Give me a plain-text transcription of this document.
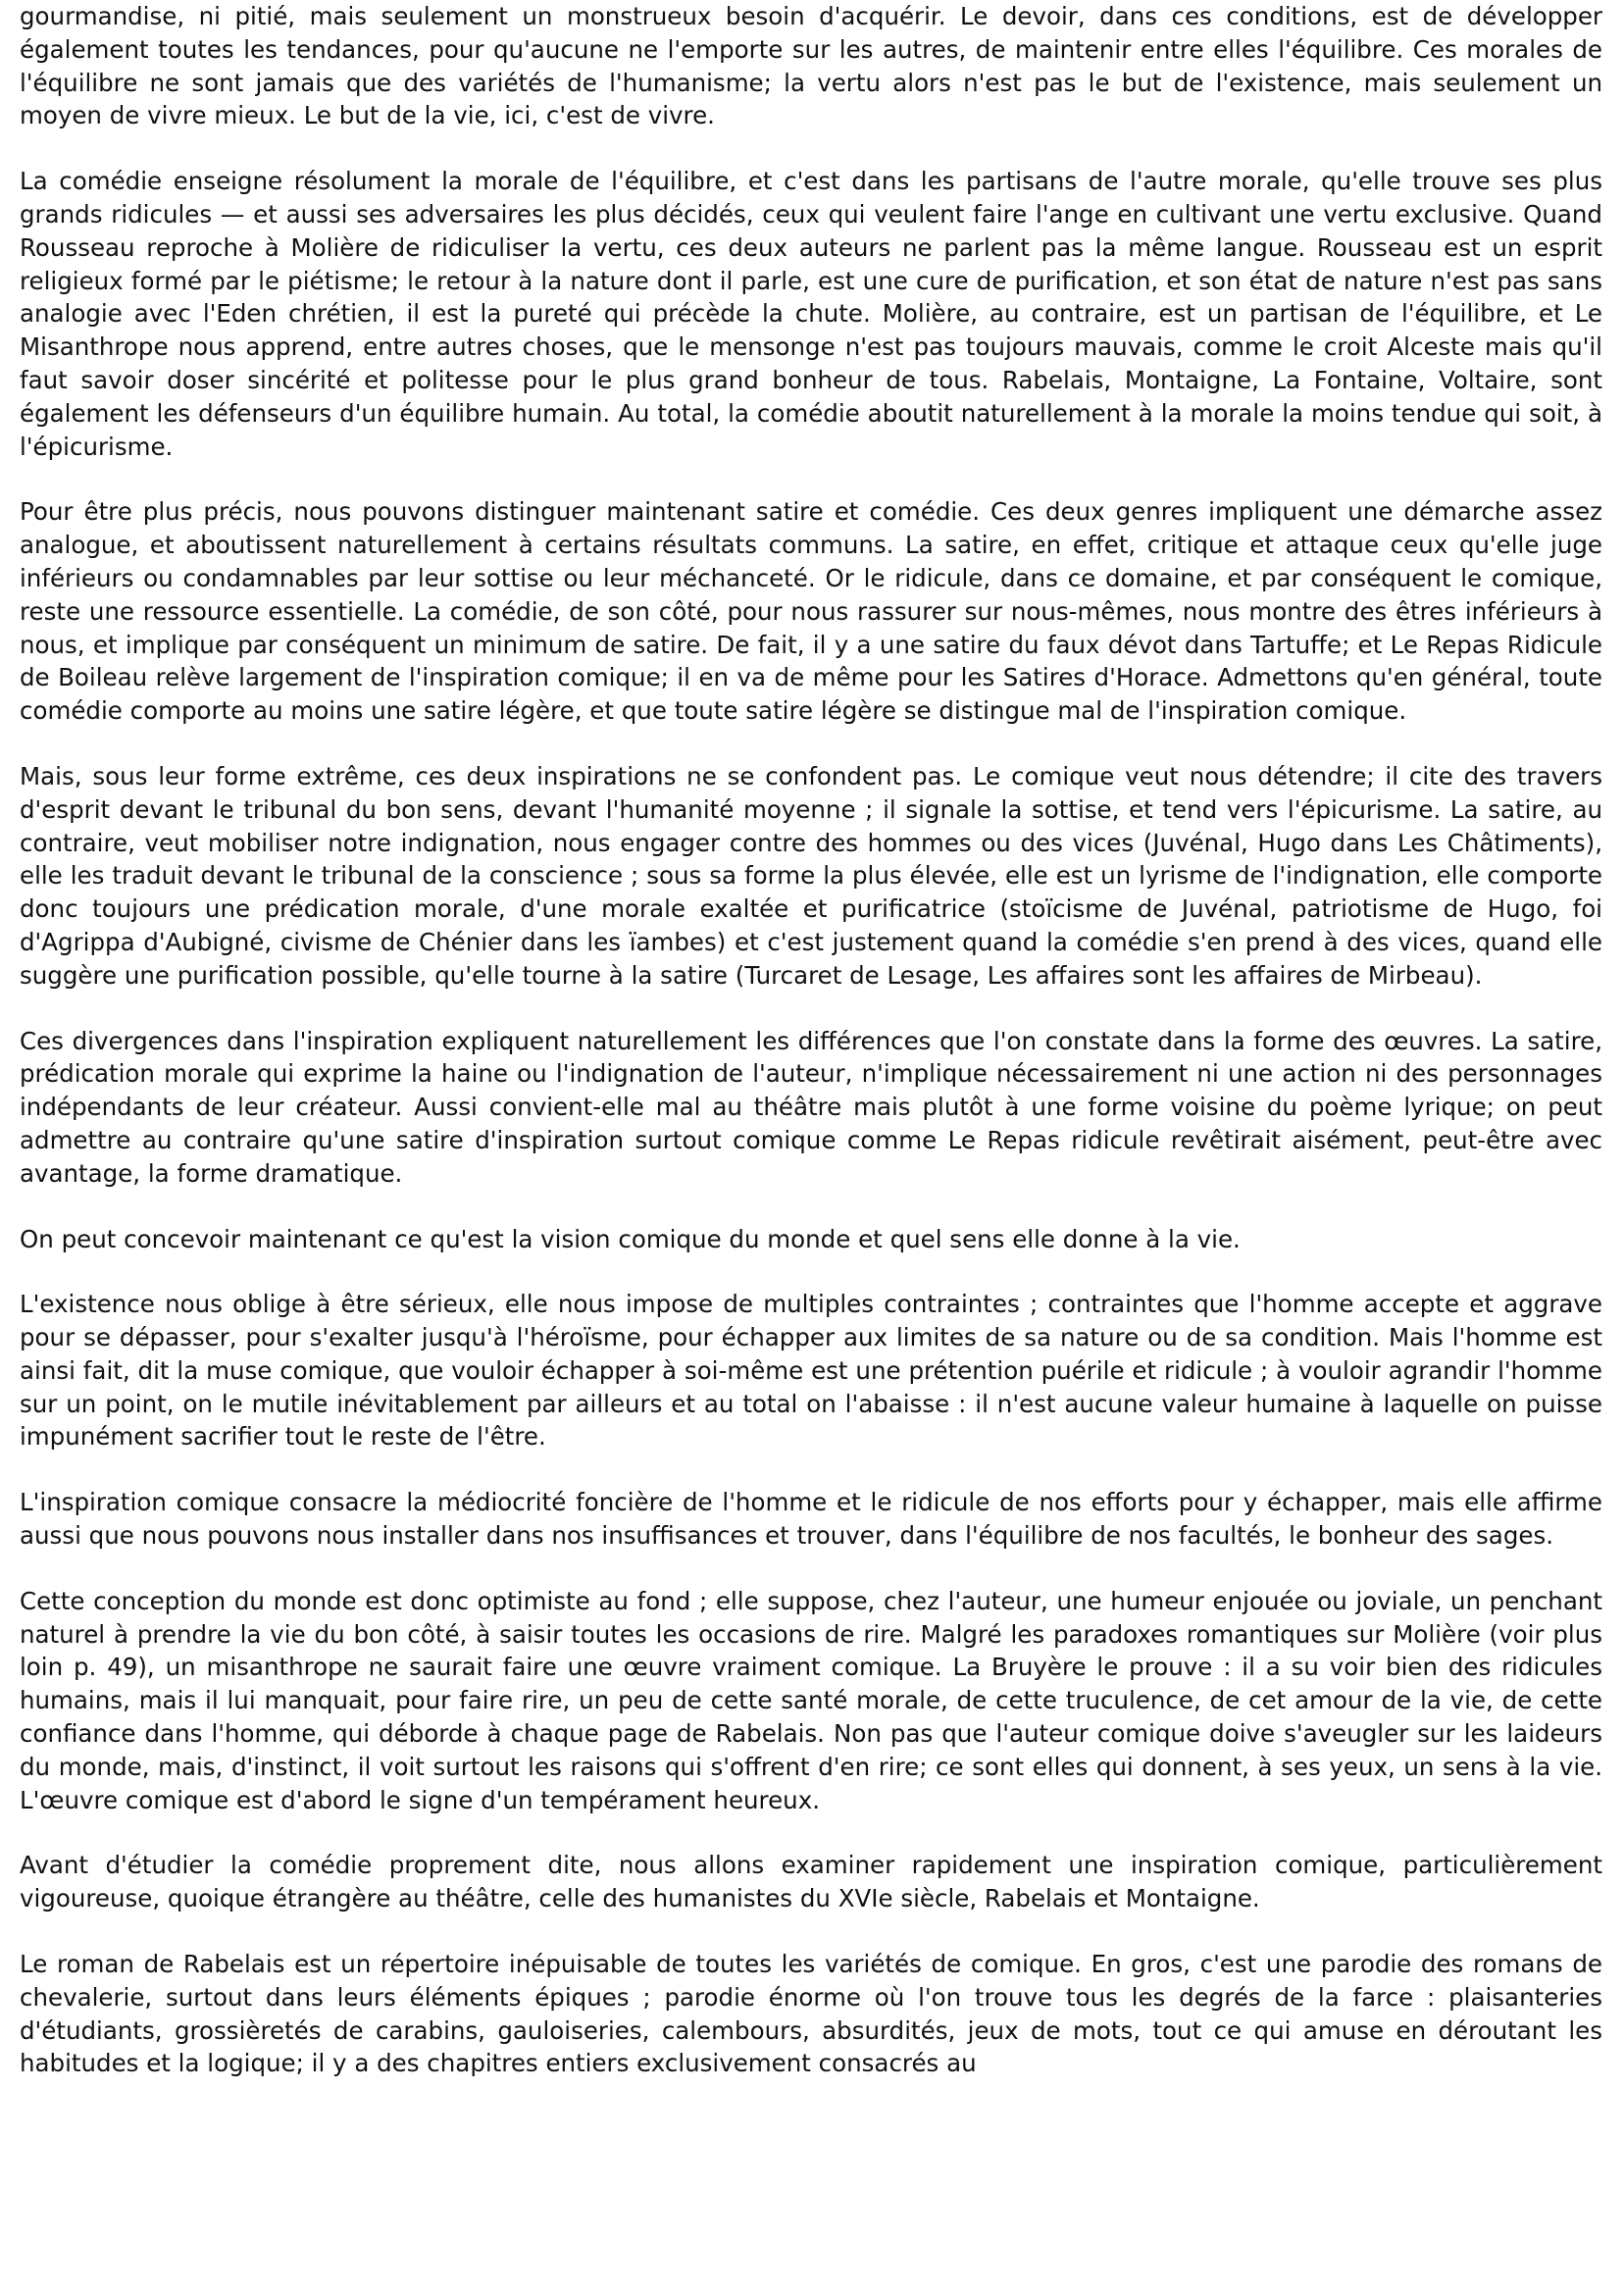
gourmandise, ni pitié, mais seulement un monstrueux besoin d'acquérir. Le devoir, dans ces conditions, est de développer également toutes les tendances, pour qu'aucune ne l'emporte sur les autres, de maintenir entre elles l'équilibre. Ces morales de l'équilibre ne sont jamais que des variétés de l'humanisme; la vertu alors n'est pas le but de l'existence, mais seulement un moyen de vivre mieux. Le but de la vie, ici, c'est de vivre.

La comédie enseigne résolument la morale de l'équilibre, et c'est dans les partisans de l'autre morale, qu'elle trouve ses plus grands ridicules — et aussi ses adversaires les plus décidés, ceux qui veulent faire l'ange en cultivant une vertu exclusive. Quand Rousseau reproche à Molière de ridiculiser la vertu, ces deux auteurs ne parlent pas la même langue. Rousseau est un esprit religieux formé par le piétisme; le retour à la nature dont il parle, est une cure de purification, et son état de nature n'est pas sans analogie avec l'Eden chrétien, il est la pureté qui précède la chute. Molière, au contraire, est un partisan de l'équilibre, et Le Misanthrope nous apprend, entre autres choses, que le mensonge n'est pas toujours mauvais, comme le croit Alceste mais qu'il faut savoir doser sincérité et politesse pour le plus grand bonheur de tous. Rabelais, Montaigne, La Fontaine, Voltaire, sont également les défenseurs d'un équilibre humain. Au total, la comédie aboutit naturellement à la morale la moins tendue qui soit, à l'épicurisme.

Pour être plus précis, nous pouvons distinguer maintenant satire et comédie. Ces deux genres impliquent une démarche assez analogue, et aboutissent naturellement à certains résultats communs. La satire, en effet, critique et attaque ceux qu'elle juge inférieurs ou condamnables par leur sottise ou leur méchanceté. Or le ridicule, dans ce domaine, et par conséquent le comique, reste une ressource essentielle. La comédie, de son côté, pour nous rassurer sur nous-mêmes, nous montre des êtres inférieurs à nous, et implique par conséquent un minimum de satire. De fait, il y a une satire du faux dévot dans Tartuffe; et Le Repas Ridicule de Boileau relève largement de l'inspiration comique; il en va de même pour les Satires d'Horace. Admettons qu'en général, toute comédie comporte au moins une satire légère, et que toute satire légère se distingue mal de l'inspiration comique.

Mais, sous leur forme extrême, ces deux inspirations ne se confondent pas. Le comique veut nous détendre; il cite des travers d'esprit devant le tribunal du bon sens, devant l'humanité moyenne ; il signale la sottise, et tend vers l'épicurisme. La satire, au contraire, veut mobiliser notre indignation, nous engager contre des hommes ou des vices (Juvénal, Hugo dans Les Châtiments), elle les traduit devant le tribunal de la conscience ; sous sa forme la plus élevée, elle est un lyrisme de l'indignation, elle comporte donc toujours une prédication morale, d'une morale exaltée et purificatrice (stoïcisme de Juvénal, patriotisme de Hugo, foi d'Agrippa d'Aubigné, civisme de Chénier dans les ïambes) et c'est justement quand la comédie s'en prend à des vices, quand elle suggère une purification possible, qu'elle tourne à la satire (Turcaret de Lesage, Les affaires sont les affaires de Mirbeau).

Ces divergences dans l'inspiration expliquent naturellement les différences que l'on constate dans la forme des œuvres. La satire, prédication morale qui exprime la haine ou l'indignation de l'auteur, n'implique nécessairement ni une action ni des personnages indépendants de leur créateur. Aussi convient-elle mal au théâtre mais plutôt à une forme voisine du poème lyrique; on peut admettre au contraire qu'une satire d'inspiration surtout comique comme Le Repas ridicule revêtirait aisément, peut-être avec avantage, la forme dramatique.

On peut concevoir maintenant ce qu'est la vision comique du monde et quel sens elle donne à la vie.

L'existence nous oblige à être sérieux, elle nous impose de multiples contraintes ; contraintes que l'homme accepte et aggrave pour se dépasser, pour s'exalter jusqu'à l'héroïsme, pour échapper aux limites de sa nature ou de sa condition. Mais l'homme est ainsi fait, dit la muse comique, que vouloir échapper à soi-même est une prétention puérile et ridicule ; à vouloir agrandir l'homme sur un point, on le mutile inévitablement par ailleurs et au total on l'abaisse : il n'est aucune valeur humaine à laquelle on puisse impunément sacrifier tout le reste de l'être.

L'inspiration comique consacre la médiocrité foncière de l'homme et le ridicule de nos efforts pour y échapper, mais elle affirme aussi que nous pouvons nous installer dans nos insuffisances et trouver, dans l'équilibre de nos facultés, le bonheur des sages.

Cette conception du monde est donc optimiste au fond ; elle suppose, chez l'auteur, une humeur enjouée ou joviale, un penchant naturel à prendre la vie du bon côté, à saisir toutes les occasions de rire. Malgré les paradoxes romantiques sur Molière (voir plus loin p. 49), un misanthrope ne saurait faire une œuvre vraiment comique. La Bruyère le prouve : il a su voir bien des ridicules humains, mais il lui manquait, pour faire rire, un peu de cette santé morale, de cette truculence, de cet amour de la vie, de cette confiance dans l'homme, qui déborde à chaque page de Rabelais. Non pas que l'auteur comique doive s'aveugler sur les laideurs du monde, mais, d'instinct, il voit surtout les raisons qui s'offrent d'en rire; ce sont elles qui donnent, à ses yeux, un sens à la vie. L'œuvre comique est d'abord le signe d'un tempérament heureux.

Avant d'étudier la comédie proprement dite, nous allons examiner rapidement une inspiration comique, particulièrement vigoureuse, quoique étrangère au théâtre, celle des humanistes du XVIe siècle, Rabelais et Montaigne.

Le roman de Rabelais est un répertoire inépuisable de toutes les variétés de comique. En gros, c'est une parodie des romans de chevalerie, surtout dans leurs éléments épiques ; parodie énorme où l'on trouve tous les degrés de la farce : plaisanteries d'étudiants, grossièretés de carabins, gauloiseries, calembours, absurdités, jeux de mots, tout ce qui amuse en déroutant les habitudes et la logique; il y a des chapitres entiers exclusivement consacrés au
